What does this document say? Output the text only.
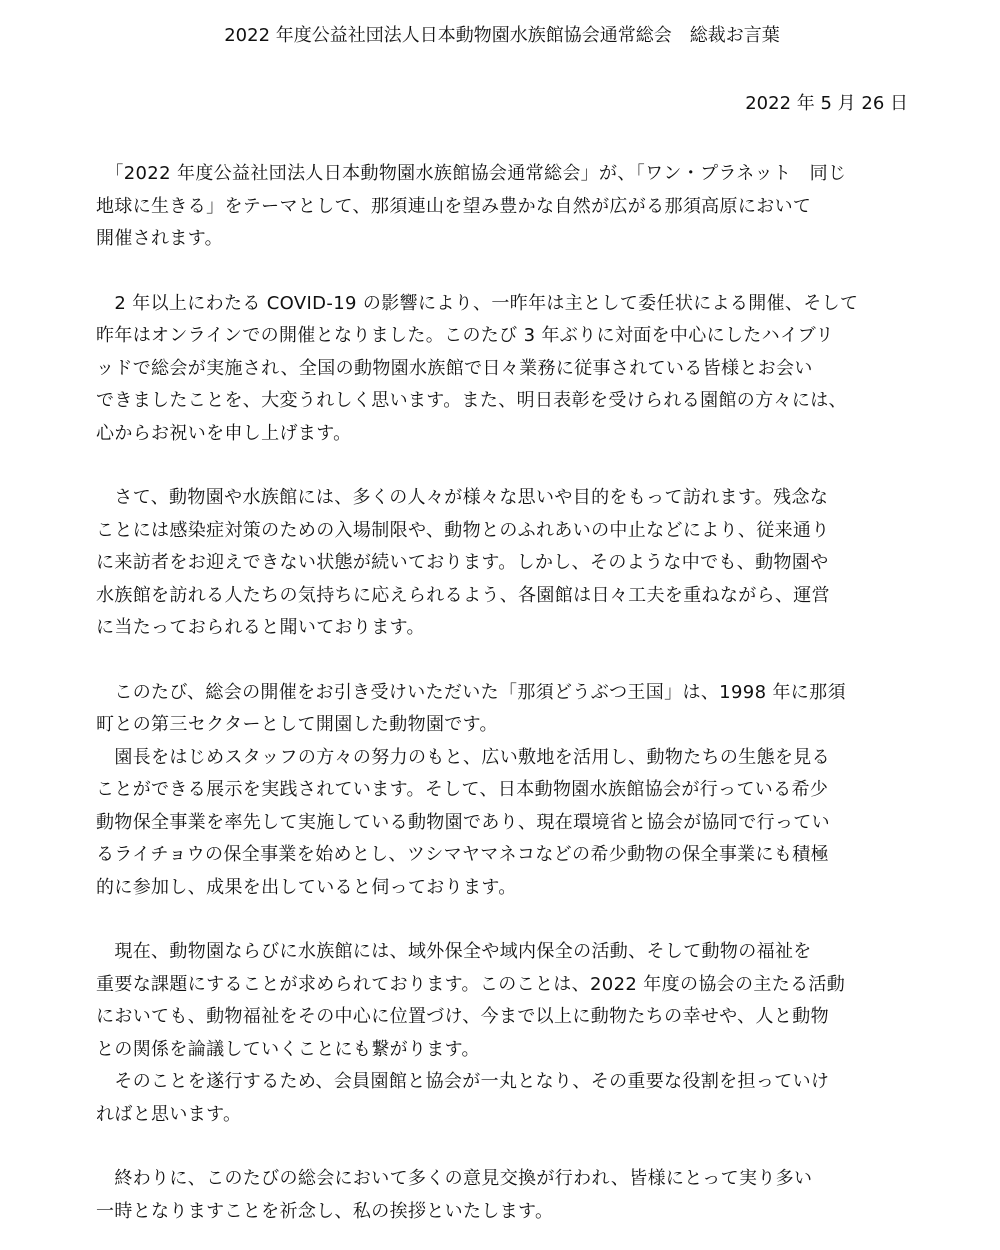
2022 年度公益社団法人日本動物園水族館協会通常総会　総裁お言葉
2022 年 5 月 26 日

　「2022 年度公益社団法人日本動物園水族館協会通常総会」が、「ワン・プラネット　同じ
地球に生きる」をテーマとして、那須連山を望み豊かな自然が広がる那須高原において
開催されます。

　2 年以上にわたる COVID-19 の影響により、一昨年は主として委任状による開催、そして
昨年はオンラインでの開催となりました。このたび 3 年ぶりに対面を中心にしたハイブリ
ッドで総会が実施され、全国の動物園水族館で日々業務に従事されている皆様とお会い
できましたことを、大変うれしく思います。また、明日表彰を受けられる園館の方々には、
心からお祝いを申し上げます。

　さて、動物園や水族館には、多くの人々が様々な思いや目的をもって訪れます。残念な
ことには感染症対策のための入場制限や、動物とのふれあいの中止などにより、従来通り
に来訪者をお迎えできない状態が続いております。しかし、そのような中でも、動物園や
水族館を訪れる人たちの気持ちに応えられるよう、各園館は日々工夫を重ねながら、運営
に当たっておられると聞いております。

　このたび、総会の開催をお引き受けいただいた「那須どうぶつ王国」は、1998 年に那須
町との第三セクターとして開園した動物園です。

　園長をはじめスタッフの方々の努力のもと、広い敷地を活用し、動物たちの生態を見る
ことができる展示を実践されています。そして、日本動物園水族館協会が行っている希少
動物保全事業を率先して実施している動物園であり、現在環境省と協会が協同で行ってい
るライチョウの保全事業を始めとし、ツシマヤマネコなどの希少動物の保全事業にも積極
的に参加し、成果を出していると伺っております。

　現在、動物園ならびに水族館には、域外保全や域内保全の活動、そして動物の福祉を
重要な課題にすることが求められております。このことは、2022 年度の協会の主たる活動
においても、動物福祉をその中心に位置づけ、今まで以上に動物たちの幸せや、人と動物
との関係を論議していくことにも繋がります。

　そのことを遂行するため、会員園館と協会が一丸となり、その重要な役割を担っていけ
ればと思います。

　終わりに、このたびの総会において多くの意見交換が行われ、皆様にとって実り多い
一時となりますことを祈念し、私の挨拶といたします。
